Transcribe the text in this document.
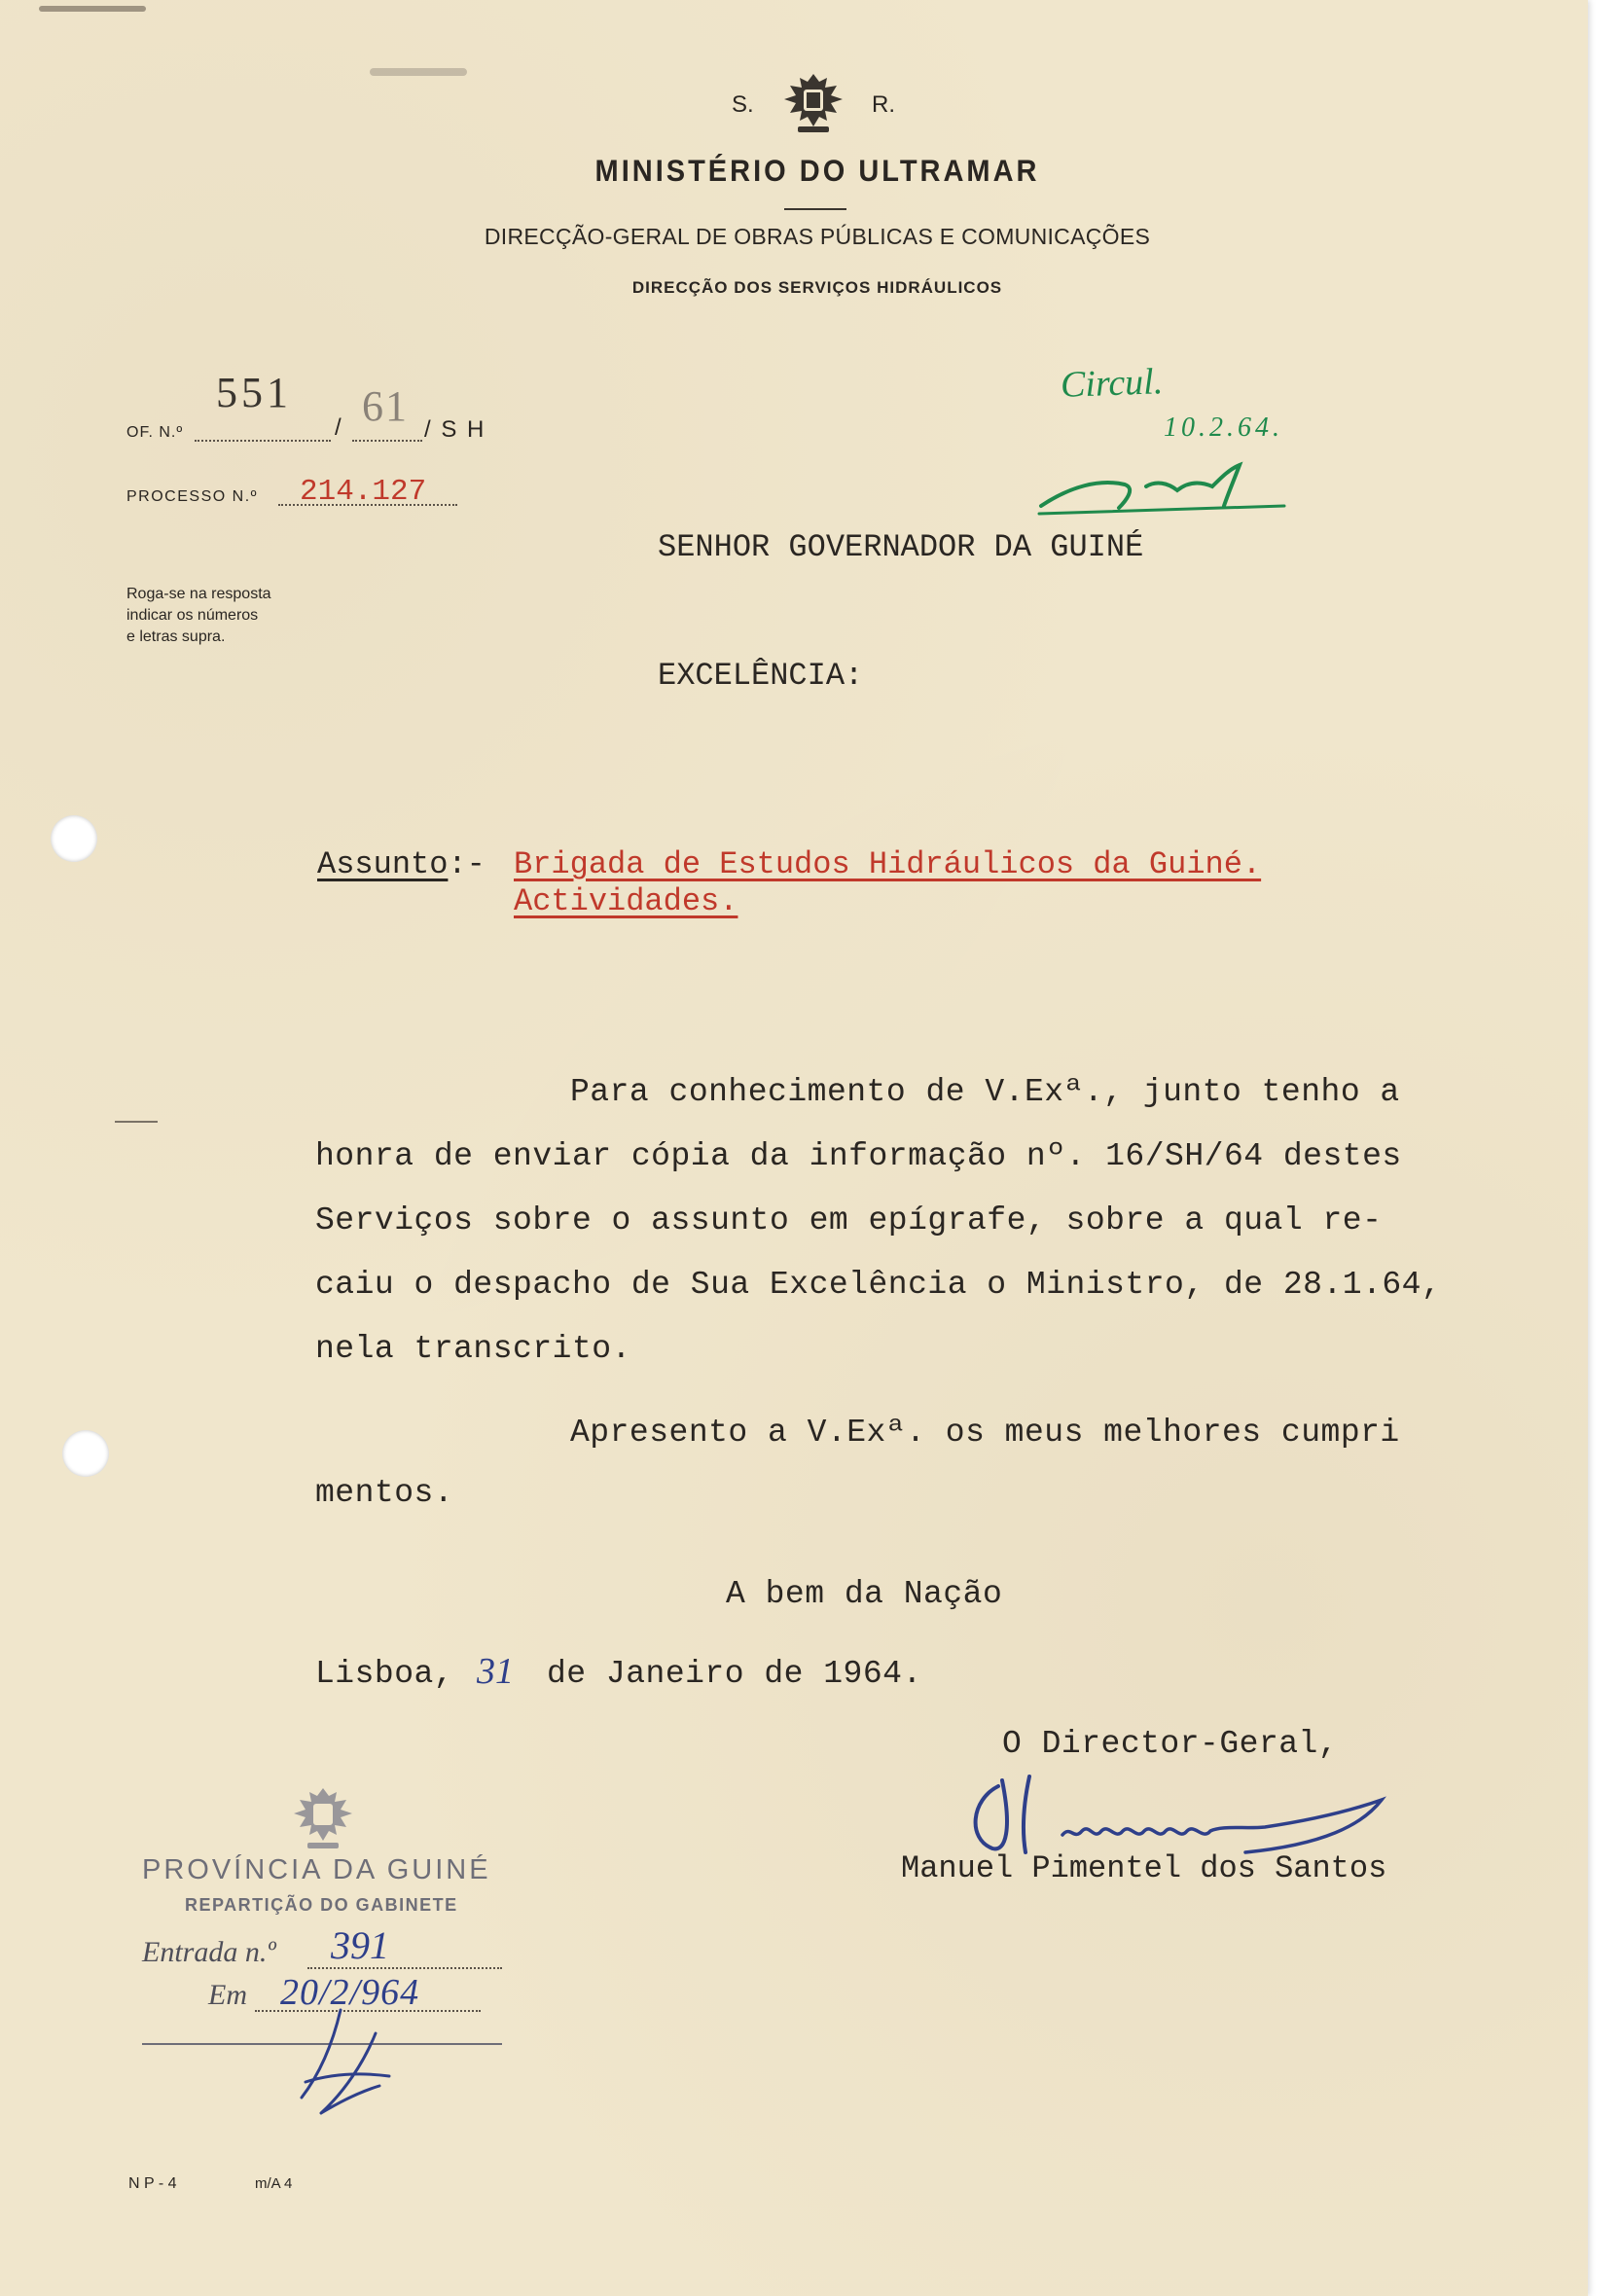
S.	R.
MINISTÉRIO DO ULTRAMAR
DIRECÇÃO-GERAL DE OBRAS PÚBLICAS E COMUNICAÇÕES
DIRECÇÃO DOS SERVIÇOS HIDRÁULICOS
OF. N.º
551
/ 61 / S H
PROCESSO N.º 214.127
Roga-se na resposta
indicar os números
e letras supra.
Circul.
10.2.64.
SENHOR GOVERNADOR DA GUINÉ
EXCELÊNCIA:
Assunto:- Brigada de Estudos Hidráulicos da Guiné.
Actividades.
Para conhecimento de V.Exª., junto tenho a
honra de enviar cópia da informação nº. 16/SH/64 destes
Serviços sobre o assunto em epígrafe, sobre a qual re-
caiu o despacho de Sua Excelência o Ministro, de 28.1.64,
nela transcrito.
Apresento a V.Exª. os meus melhores cumpri
mentos.
A bem da Nação
Lisboa, 31 de Janeiro de 1964.
O Director-Geral,
Manuel Pimentel dos Santos
PROVÍNCIA DA GUINÉ
REPARTIÇÃO DO GABINETE
Entrada n.º 391
Em 20/2/964
N P - 4	m/A 4
